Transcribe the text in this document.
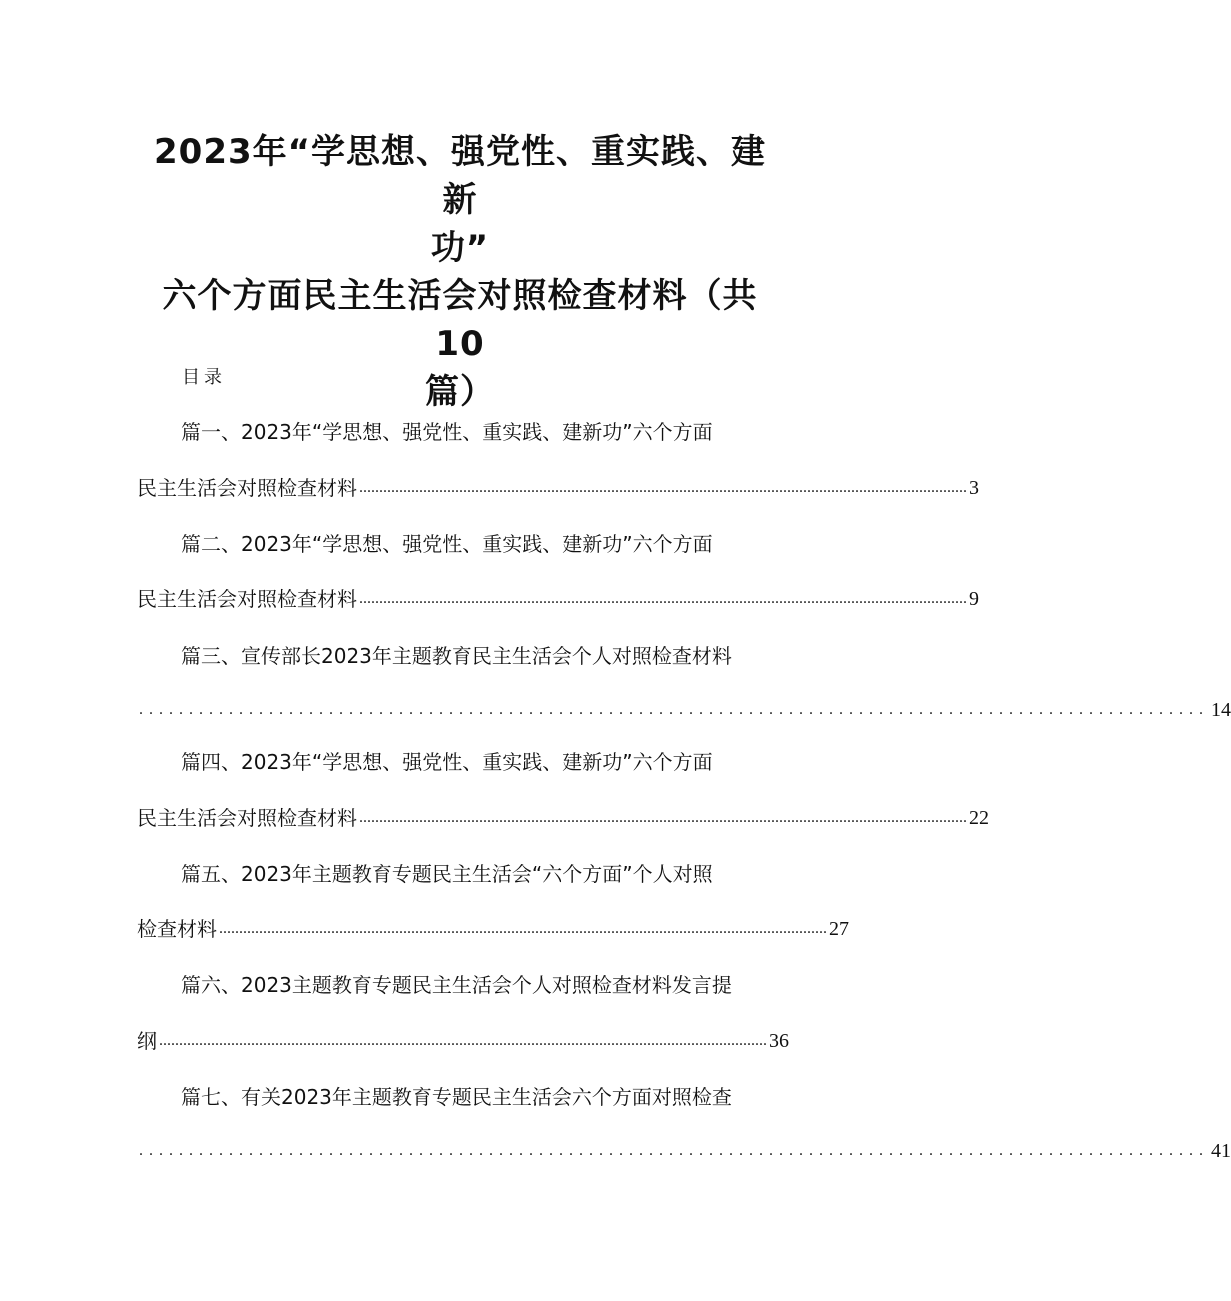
2023年“学思想、强党性、重实践、建新
功”
六个方面民主生活会对照检查材料（共10
篇）
目录
篇一、2023年“学思想、强党性、重实践、建新功”六个方面
民主生活会对照检查材料 ........................................................................................................................................................ 3
篇二、2023年“学思想、强党性、重实践、建新功”六个方面
民主生活会对照检查材料 ........................................................................................................................................................ 9
篇三、宣传部长2023年主题教育民主生活会个人对照检查材料
........................................................................................................... 14
篇四、2023年“学思想、强党性、重实践、建新功”六个方面
民主生活会对照检查材料 ........................................................................................................................................................ 22
篇五、2023年主题教育专题民主生活会“六个方面”个人对照
检查材料 ........................................................................................................................................................ 27
篇六、2023主题教育专题民主生活会个人对照检查材料发言提
纲 ........................................................................................................................................................ 36
篇七、有关2023年主题教育专题民主生活会六个方面对照检查
........................................................................................................... 41
